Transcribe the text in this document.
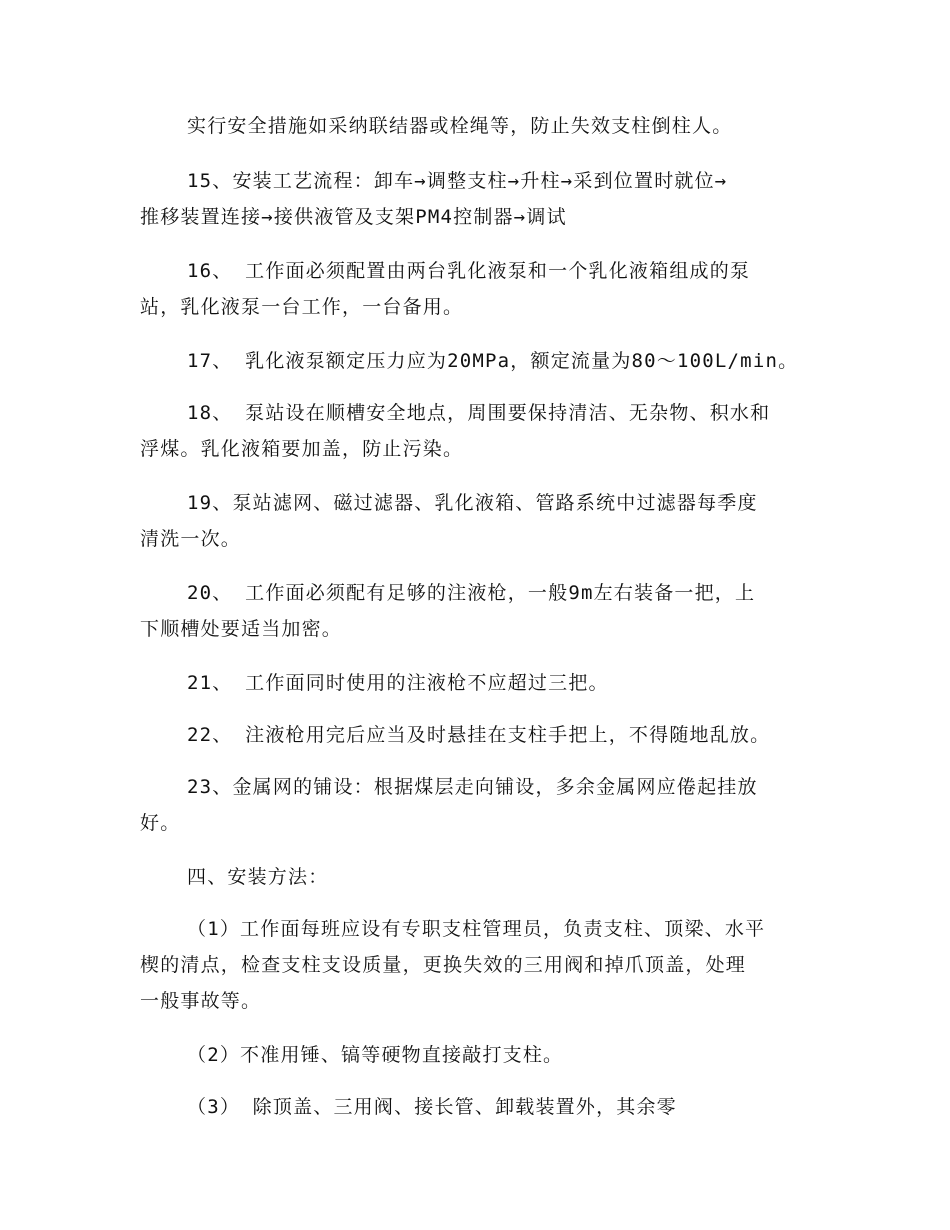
实行安全措施如采纳联结器或栓绳等，防止失效支柱倒柱人。
15、安装工艺流程：卸车→调整支柱→升柱→采到位置时就位→
推移装置连接→接供液管及支架PM4控制器→调试
16、 工作面必须配置由两台乳化液泵和一个乳化液箱组成的泵
站，乳化液泵一台工作，一台备用。
17、 乳化液泵额定压力应为20MPa，额定流量为80～100L/min。
18、 泵站设在顺槽安全地点，周围要保持清洁、无杂物、积水和
浮煤。乳化液箱要加盖，防止污染。
19、泵站滤网、磁过滤器、乳化液箱、管路系统中过滤器每季度
清洗一次。
20、 工作面必须配有足够的注液枪，一般9m左右装备一把，上
下顺槽处要适当加密。
21、 工作面同时使用的注液枪不应超过三把。
22、 注液枪用完后应当及时悬挂在支柱手把上，不得随地乱放。
23、金属网的铺设：根据煤层走向铺设，多余金属网应倦起挂放
好。
四、安装方法：
（1）工作面每班应设有专职支柱管理员，负责支柱、顶梁、水平
楔的清点，检查支柱支设质量，更换失效的三用阀和掉爪顶盖，处理
一般事故等。
（2）不准用锤、镐等硬物直接敲打支柱。
（3） 除顶盖、三用阀、接长管、卸载装置外，其余零
